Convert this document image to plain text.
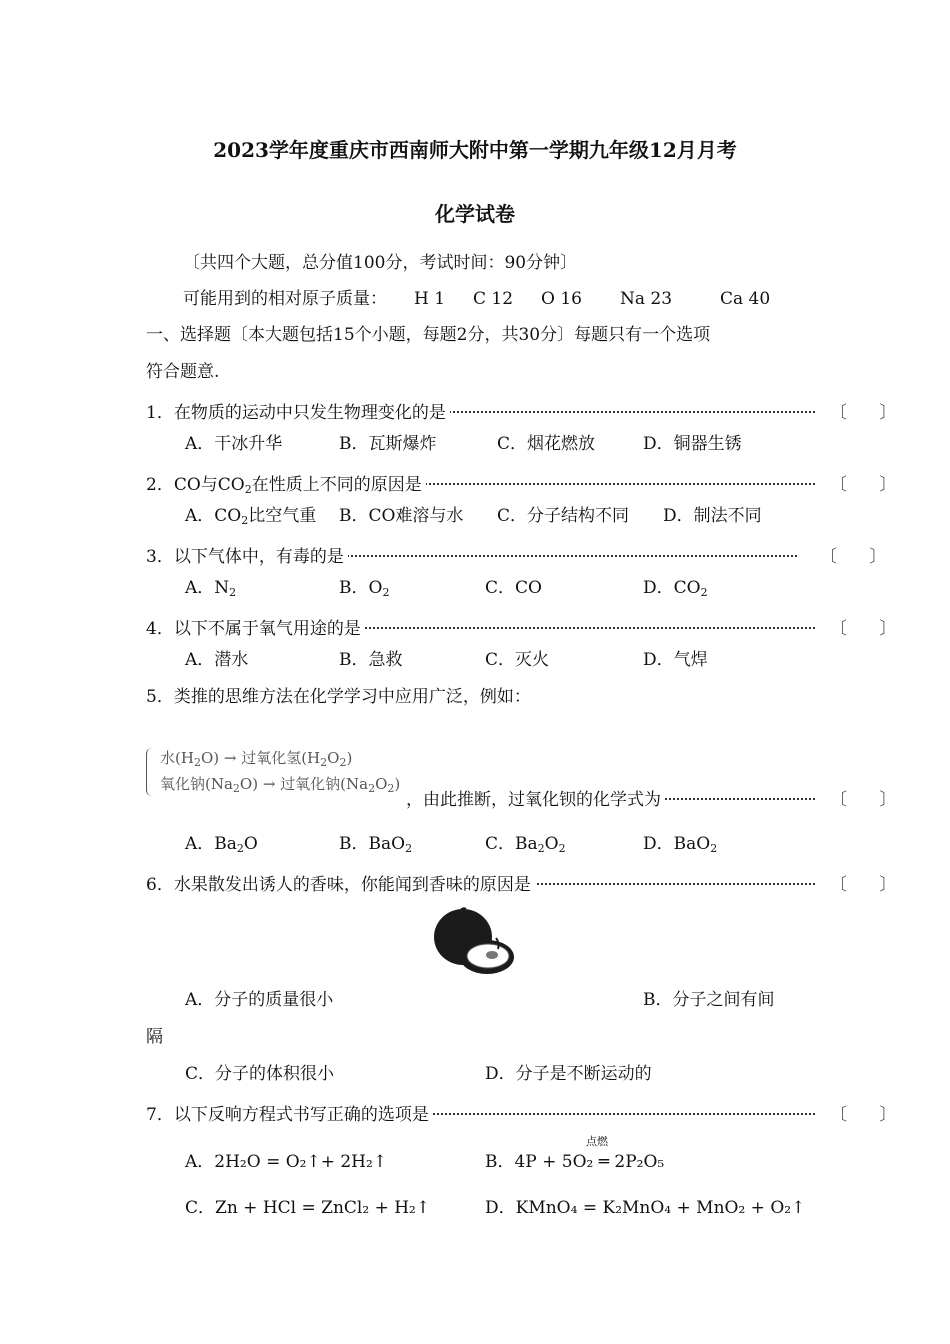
2023学年度重庆市西南师大附中第一学期九年级12月月考
化学试卷
〔共四个大题，总分值100分，考试时间：90分钟〕
可能用到的相对原子质量： H 1 C 12 O 16 Na 23	Ca 40
一、选择题〔本大题包括15个小题，每题2分，共30分〕每题只有一个选项
符合题意.
1．在物质的运动中只发生物理变化的是	〔      〕
A．干冰升华	B．瓦斯爆炸	C．烟花燃放	D．铜器生锈
2．CO与$CO_2$在性质上不同的原因是	〔      〕
A．$CO_2$比空气重 B．CO难溶与水 C．分子结构不同 D．制法不同
3．以下气体中，有毒的是	〔      〕
A．$N_2$	B．$O_2$	C．CO	D．$CO_2$
4．以下不属于氧气用途的是	〔      〕
A．潜水	B．急救	C．灭火	D．气焊
5．类推的思维方法在化学学习中应用广泛，例如：
水$(H_2O)$ → 过氧化氢$(H_2O_2)$
氧化钠$(Na_2O)$ → 过氧化钠$(Na_2O_2)$
，由此推断，过氧化钡的化学式为	〔      〕
A．$Ba_2O$	B．BaO$_2$	C．$Ba_2O_2$	D．BaO$_2$
6．水果散发出诱人的香味，你能闻到香味的原因是	〔      〕
A．分子的质量很小	B．分子之间有间
隔
C．分子的体积很小	D．分子是不断运动的
7．以下反响方程式书写正确的选项是	〔      〕
点燃
A．2H₂O = O₂↑+ 2H₂↑	B．4P + 5O₂ ═ 2P₂O₅
C．Zn + HCl = ZnCl₂ + H₂↑	D．KMnO₄ = K₂MnO₄ + MnO₂ + O₂↑
